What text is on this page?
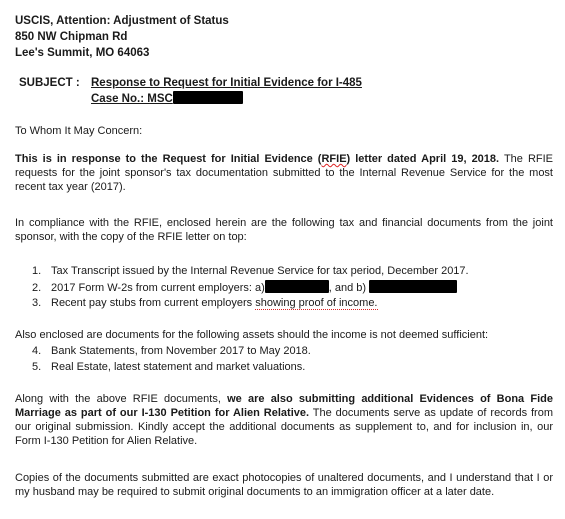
USCIS, Attention: Adjustment of Status
850 NW Chipman Rd
Lee's Summit, MO 64063
SUBJECT : Response to Request for Initial Evidence for I-485
Case No.: MSC
To Whom It May Concern:
This is in response to the Request for Initial Evidence (RFIE) letter dated April 19, 2018. The RFIE requests for the joint sponsor's tax documentation submitted to the Internal Revenue Service for the most recent tax year (2017).
In compliance with the RFIE, enclosed herein are the following tax and financial documents from the joint sponsor, with the copy of the RFIE letter on top:
1. Tax Transcript issued by the Internal Revenue Service for tax period, December 2017.
2. 2017 Form W-2s from current employers: a)	, and b)
3. Recent pay stubs from current employers showing proof of income.
Also enclosed are documents for the following assets should the income is not deemed sufficient:
4. Bank Statements, from November 2017 to May 2018.
5. Real Estate, latest statement and market valuations.
Along with the above RFIE documents, we are also submitting additional Evidences of Bona Fide Marriage as part of our I-130 Petition for Alien Relative. The documents serve as update of records from our original submission. Kindly accept the additional documents as supplement to, and for inclusion in, our Form I-130 Petition for Alien Relative.
Copies of the documents submitted are exact photocopies of unaltered documents, and I understand that I or my husband may be required to submit original documents to an immigration officer at a later date.
